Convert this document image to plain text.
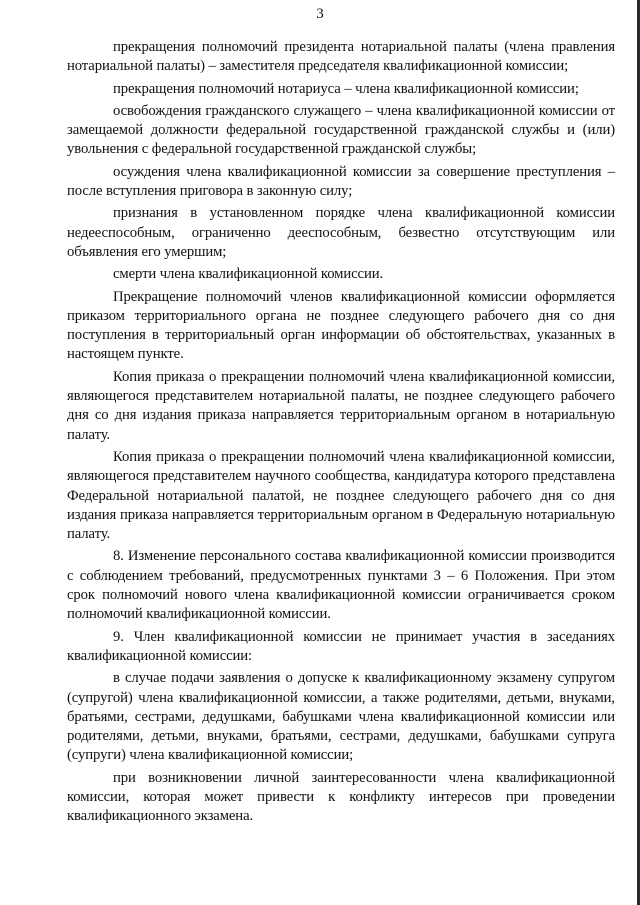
3

прекращения полномочий президента нотариальной палаты (члена правления нотариальной палаты) – заместителя председателя квалификационной комиссии;

прекращения полномочий нотариуса – члена квалификационной комиссии;

освобождения гражданского служащего – члена квалификационной комиссии от замещаемой должности федеральной государственной гражданской службы и (или) увольнения с федеральной государственной гражданской службы;

осуждения члена квалификационной комиссии за совершение преступления – после вступления приговора в законную силу;

признания в установленном порядке члена квалификационной комиссии недееспособным, ограниченно дееспособным, безвестно отсутствующим или объявления его умершим;

смерти члена квалификационной комиссии.

Прекращение полномочий членов квалификационной комиссии оформляется приказом территориального органа не позднее следующего рабочего дня со дня поступления в территориальный орган информации об обстоятельствах, указанных в настоящем пункте.

Копия приказа о прекращении полномочий члена квалификационной комиссии, являющегося представителем нотариальной палаты, не позднее следующего рабочего дня со дня издания приказа направляется территориальным органом в нотариальную палату.

Копия приказа о прекращении полномочий члена квалификационной комиссии, являющегося представителем научного сообщества, кандидатура которого представлена Федеральной нотариальной палатой, не позднее следующего рабочего дня со дня издания приказа направляется территориальным органом в Федеральную нотариальную палату.

8. Изменение персонального состава квалификационной комиссии производится с соблюдением требований, предусмотренных пунктами 3 – 6 Положения. При этом срок полномочий нового члена квалификационной комиссии ограничивается сроком полномочий квалификационной комиссии.

9. Член квалификационной комиссии не принимает участия в заседаниях квалификационной комиссии:

в случае подачи заявления о допуске к квалификационному экзамену супругом (супругой) члена квалификационной комиссии, а также родителями, детьми, внуками, братьями, сестрами, дедушками, бабушками члена квалификационной комиссии или родителями, детьми, внуками, братьями, сестрами, дедушками, бабушками супруга (супруги) члена квалификационной комиссии;

при возникновении личной заинтересованности члена квалификационной комиссии, которая может привести к конфликту интересов при проведении квалификационного экзамена.
